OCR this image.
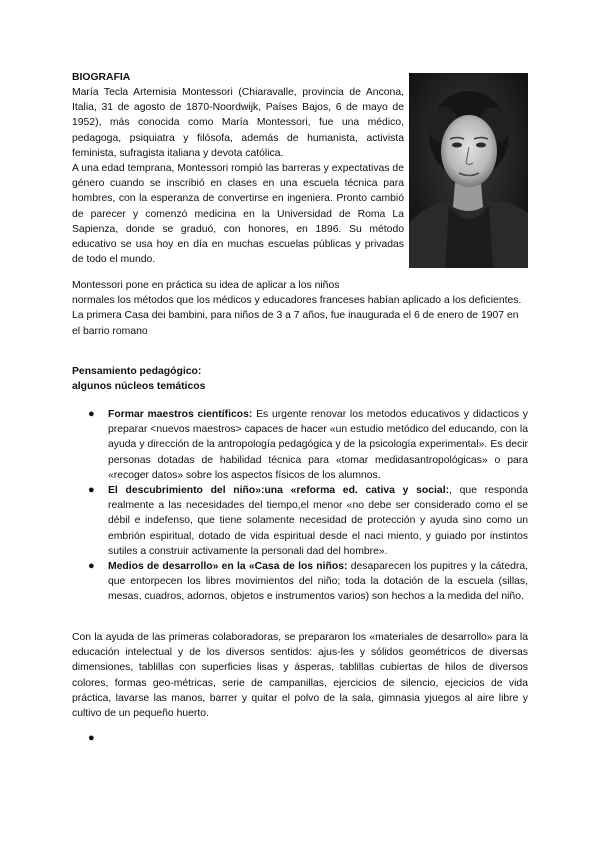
BIOGRAFIA

María Tecla Artemisia Montessori (Chiaravalle, provincia de Ancona, Italia, 31 de agosto de 1870-Noordwijk, Países Bajos, 6 de mayo de 1952), más conocida como María Montessori, fue una médico, pedagoga, psiquiatra y filósofa, además de humanista, activista feminista, sufragista italiana y devota católica.

A una edad temprana, Montessori rompió las barreras y expectativas de género cuando se inscribió en clases en una escuela técnica para hombres, con la esperanza de convertirse en ingeniera. Pronto cambió de parecer y comenzó medicina en la Universidad de Roma La Sapienza, donde se graduó, con honores, en 1896. Su método educativo se usa hoy en día en muchas escuelas públicas y privadas de todo el mundo.

Montessori pone en práctica su idea de aplicar a los niños

normales los métodos que los médicos y educadores franceses habían aplicado a los deficientes.

La primera Casa dei bambini, para niños de 3 a 7 años, fue inaugurada el 6 de enero de 1907 en el barrio romano

Pensamiento pedagógico:

algunos núcleos temáticos

● Formar maestros científicos: Es urgente renovar los metodos educativos y didacticos y preparar <nuevos maestros> capaces de hacer «un estudio metódico del educando, con la ayuda y dirección de la antropología pedagógica y de la psicología experimental». Es decir personas dotadas de habilidad técnica para «tomar medidasantropológicas» o para «recoger datos» sobre los aspectos físicos de los alumnos.
● El descubrimiento del niño»:una «reforma ed. cativa y social:, que responda realmente a las necesidades del tiempo,el menor «no debe ser considerado como el se débil e indefenso, que tiene solamente necesidad de protección y ayuda sino como un embrión espiritual, dotado de vida espiritual desde el naci miento, y guiado por instintos sutiles a construir activamente la personali dad del hombre».
● Medios de desarrollo» en la «Casa de los niños: desaparecen los pupitres y la cátedra, que entorpecen los libres movimientos del niño; toda la dotación de la escuela (sillas, mesas, cuadros, adornos, objetos e instrumentos varios) son hechos a la medida del niño.

Con la ayuda de las primeras colaboradoras, se prepararon los «materiales de desarrollo» para la educación intelectual y de los diversos sentidos: ajus-les y sólidos geométricos de diversas dimensiones, tablillas con superficies lisas y ásperas, tablillas cubiertas de hilos de diversos colores, formas geo-métricas, serie de campanillas, ejercicios de silencio, ejecicios de vida práctica, lavarse las manos, barrer y quitar el polvo de la sala, gimnasia yjuegos al aire libre y cultivo de un pequeño huerto.

●
